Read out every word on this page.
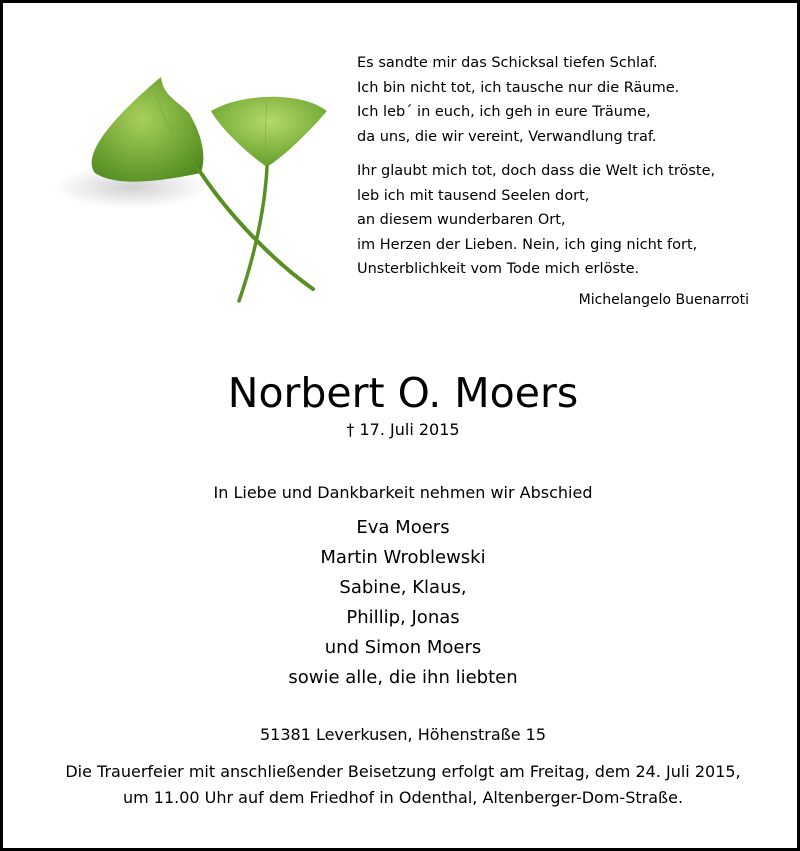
Es sandte mir das Schicksal tiefen Schlaf.
Ich bin nicht tot, ich tausche nur die Räume.
Ich leb´ in euch, ich geh in eure Träume,
da uns, die wir vereint, Verwandlung traf.
Ihr glaubt mich tot, doch dass die Welt ich tröste,
leb ich mit tausend Seelen dort,
an diesem wunderbaren Ort,
im Herzen der Lieben. Nein, ich ging nicht fort,
Unsterblichkeit vom Tode mich erlöste.
Michelangelo Buenarroti
Norbert O. Moers
† 17. Juli 2015
In Liebe und Dankbarkeit nehmen wir Abschied
Eva Moers
Martin Wroblewski
Sabine, Klaus,
Phillip, Jonas
und Simon Moers
sowie alle, die ihn liebten
51381 Leverkusen, Höhenstraße 15
Die Trauerfeier mit anschließender Beisetzung erfolgt am Freitag, dem 24. Juli 2015,
um 11.00 Uhr auf dem Friedhof in Odenthal, Altenberger-Dom-Straße.
